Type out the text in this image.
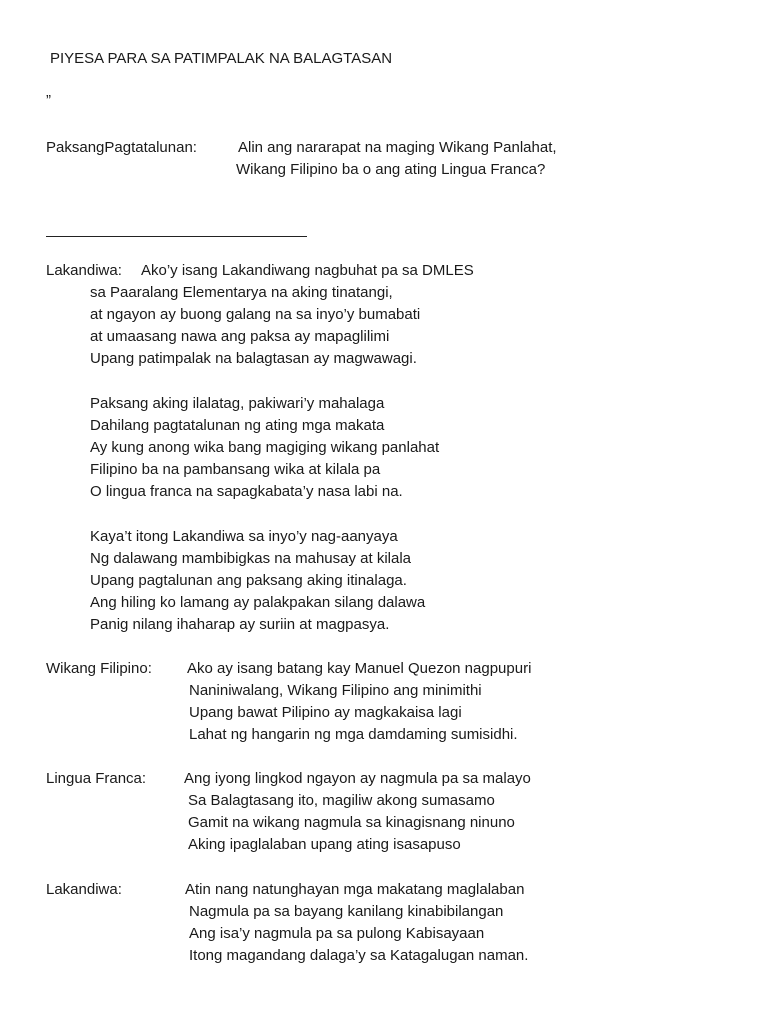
PIYESA PARA SA PATIMPALAK NA BALAGTASAN
”
PaksangPagtatalunan:	Alin ang nararapat na maging Wikang Panlahat,
Wikang Filipino ba o ang ating Lingua Franca?
Lakandiwa: Ako’y isang Lakandiwang nagbuhat pa sa DMLES
sa Paaralang Elementarya na aking tinatangi,
at ngayon ay buong galang na sa inyo’y bumabati
at umaasang nawa ang paksa ay mapaglilimi
Upang patimpalak na balagtasan ay magwawagi.
Paksang aking ilalatag, pakiwari’y mahalaga
Dahilang pagtatalunan ng ating mga makata
Ay kung anong wika bang magiging wikang panlahat
Filipino ba na pambansang wika at kilala pa
O lingua franca na sapagkabata’y nasa labi na.
Kaya’t itong Lakandiwa sa inyo’y nag-aanyaya
Ng dalawang mambibigkas na mahusay at kilala
Upang pagtalunan ang paksang aking itinalaga.
Ang hiling ko lamang ay palakpakan silang dalawa
Panig nilang ihaharap ay suriin at magpasya.
Wikang Filipino: Ako ay isang batang kay Manuel Quezon nagpupuri
Naniniwalang, Wikang Filipino ang minimithi
Upang bawat Pilipino ay magkakaisa lagi
Lahat ng hangarin ng mga damdaming sumisidhi.
Lingua Franca:	Ang iyong lingkod ngayon ay nagmula pa sa malayo
Sa Balagtasang ito, magiliw akong sumasamo
Gamit na wikang nagmula sa kinagisnang ninuno
Aking ipaglalaban upang ating isasapuso
Lakandiwa:	Atin nang natunghayan mga makatang maglalaban
Nagmula pa sa bayang kanilang kinabibilangan
Ang isa’y nagmula pa sa pulong Kabisayaan
Itong magandang dalaga’y sa Katagalugan naman.
